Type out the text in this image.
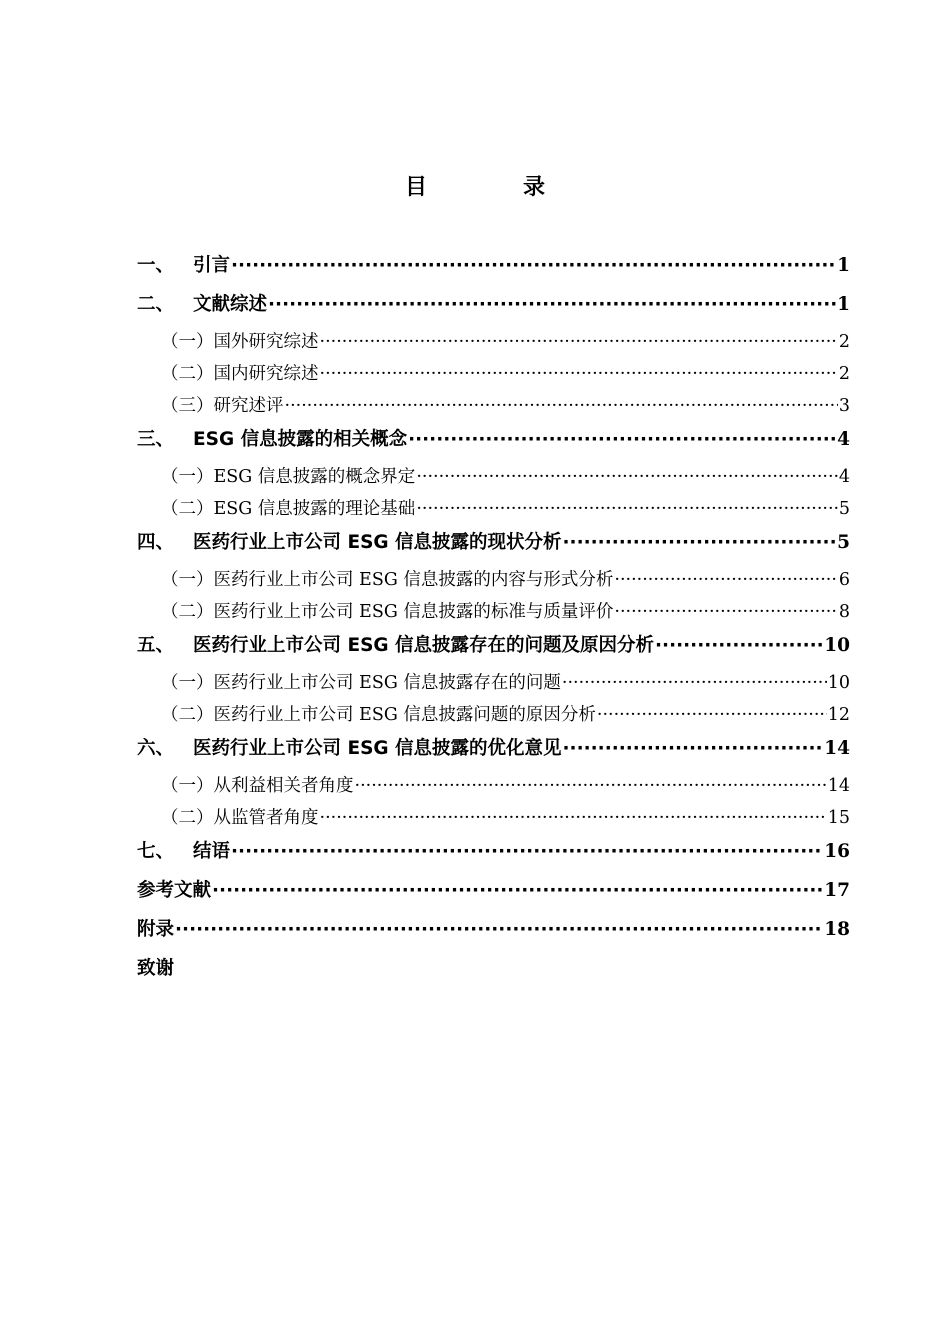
目	录
一、	引言 ·····	1
二、	文献综述 ·····	1
（一）国外研究综述 ·····	2
（二）国内研究综述 ·····	2
（三）研究述评 ·····	3
三、	ESG 信息披露的相关概念 ·····	4
（一）ESG 信息披露的概念界定 ·····	4
（二）ESG 信息披露的理论基础 ·····	5
四、	医药行业上市公司 ESG 信息披露的现状分析 ·····	5
（一）医药行业上市公司 ESG 信息披露的内容与形式分析 ·····	6
（二）医药行业上市公司 ESG 信息披露的标准与质量评价 ·····	8
五、	医药行业上市公司 ESG 信息披露存在的问题及原因分析 ·····	10
（一）医药行业上市公司 ESG 信息披露存在的问题 ·····	10
（二）医药行业上市公司 ESG 信息披露问题的原因分析 ·····	12
六、	医药行业上市公司 ESG 信息披露的优化意见 ·····	14
（一）从利益相关者角度 ·····	14
（二）从监管者角度 ·····	15
七、	结语 ·····	16
参考文献 ·····	17
附录 ·····	18
致谢
